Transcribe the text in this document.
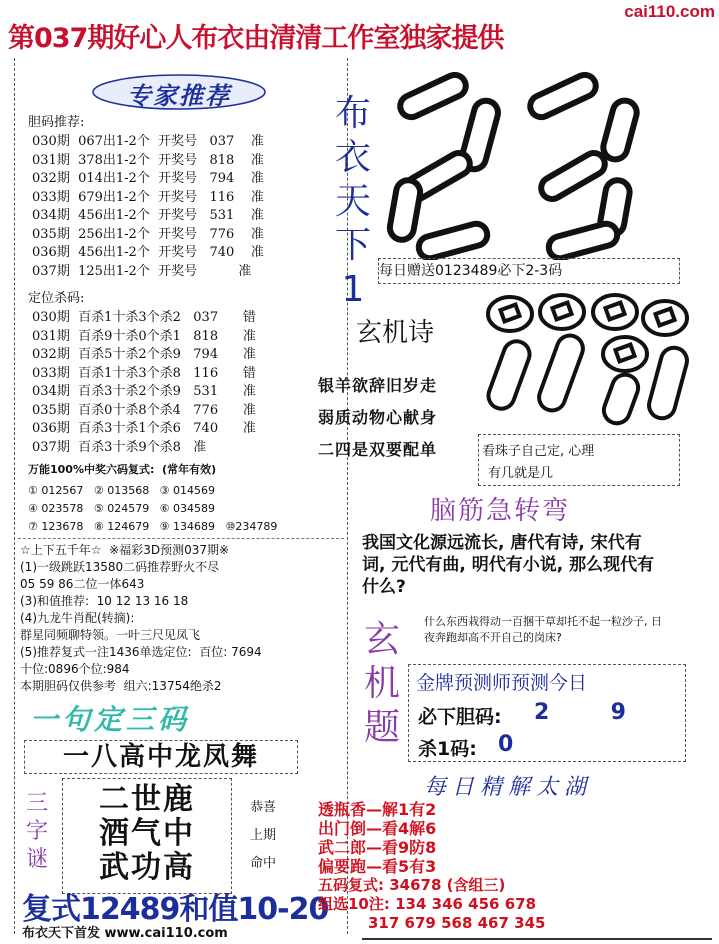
第037期好心人布衣由清清工作室独家提供
cai110.com
专家推荐
胆码推荐:
030期  067出1-2个  开奖号   037    准
031期  378出1-2个  开奖号   818    准
032期  014出1-2个  开奖号   794    准
033期  679出1-2个  开奖号   116    准
034期  456出1-2个  开奖号   531    准
035期  256出1-2个  开奖号   776    准
036期  456出1-2个  开奖号   740    准
037期  125出1-2个  开奖号          准
定位杀码:
030期  百杀1十杀3个杀2   037      错
031期  百杀9十杀0个杀1   818      准
032期  百杀5十杀2个杀9   794      准
033期  百杀1十杀3个杀8   116      错
034期  百杀3十杀2个杀9   531      准
035期  百杀0十杀8个杀4   776      准
036期  百杀3十杀1个杀6   740      准
037期  百杀3十杀9个杀8   准
万能100%中奖六码复式:  (常年有效)
① 012567   ② 013568   ③ 014569
④ 023578   ⑤ 024579   ⑥ 034589
⑦ 123678   ⑧ 124679   ⑨ 134689   ⑩234789
☆上下五千年☆  ※福彩3D预测037期※
(1)一级跳跃13580二码推荐野火不尽
05 59 86二位一体643
(3)和值推荐:  10 12 13 16 18
(4)九龙牛肖配(转摘):
群星同频聊特领。一叶三尺见凤飞
(5)推荐复式一注1436单选定位:  百位: 7694
十位:0896个位:984
本期胆码仅供参考  组六:13754绝杀2
一句定三码
一八高中龙凤舞
三字谜
二世鹿
酒气中
武功高
恭喜
上期
命中
复式12489和值10-20
布衣天下首发 www.cai110.com
布衣天下1	每日赠送0123489必下2-3码
玄机诗
银羊欲辞旧岁走
弱质动物心献身
二四是双要配单	看珠子自己定, 心理
有几就是几
脑筋急转弯
我国文化源远流长, 唐代有诗, 宋代有词, 元代有曲, 明代有小说, 那么现代有什么?
玄机题
什么东西栽得动一百捆干草却托不起一粒沙子, 日夜奔跑却高不开自己的岗床?
金牌预测师预测今日
必下胆码: 2        9
杀1码: 0
每日精解太湖
透瓶香—解1有2
出门倒—看4解6
武二郎—看9防8
偏要跑—看5有3
五码复式: 34678 (含组三)
组选10注: 134 346 456 678
317 679 568 467 345
